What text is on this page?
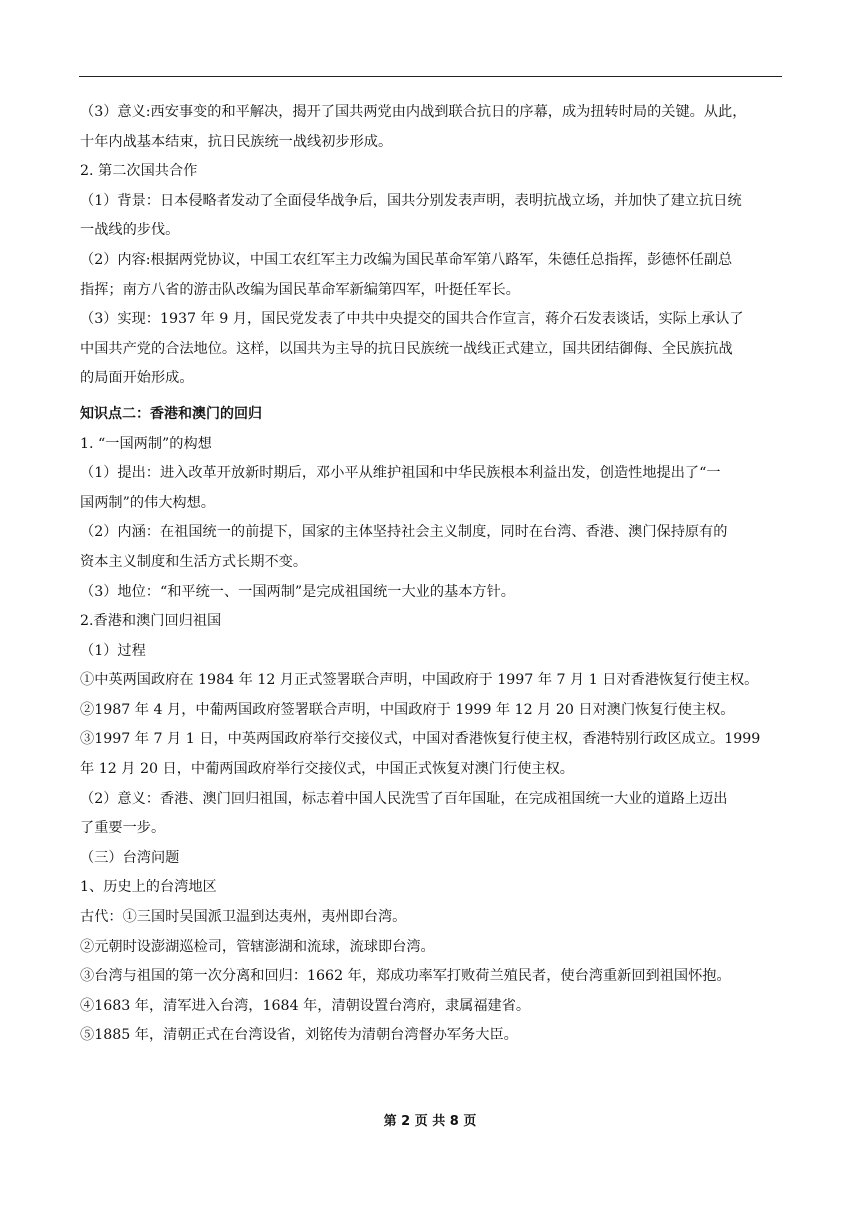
（3）意义:西安事变的和平解决，揭开了国共两党由内战到联合抗日的序幕，成为扭转时局的关键。从此，
十年内战基本结束，抗日民族统一战线初步形成。
2. 第二次国共合作
（1）背景：日本侵略者发动了全面侵华战争后，国共分别发表声明，表明抗战立场，并加快了建立抗日统
一战线的步伐。
（2）内容:根据两党协议，中国工农红军主力改编为国民革命军第八路军，朱德任总指挥，彭德怀任副总
指挥；南方八省的游击队改编为国民革命军新编第四军，叶挺任军长。
（3）实现：1937 年 9 月，国民党发表了中共中央提交的国共合作宣言，蒋介石发表谈话，实际上承认了
中国共产党的合法地位。这样，以国共为主导的抗日民族统一战线正式建立，国共团结御侮、全民族抗战
的局面开始形成。
知识点二：香港和澳门的回归
1. “一国两制”的构想
（1）提出：进入改革开放新时期后，邓小平从维护祖国和中华民族根本利益出发，创造性地提出了“一
国两制”的伟大构想。
（2）内涵：在祖国统一的前提下，国家的主体坚持社会主义制度，同时在台湾、香港、澳门保持原有的
资本主义制度和生活方式长期不变。
（3）地位：“和平统一、一国两制”是完成祖国统一大业的基本方针。
2.香港和澳门回归祖国
（1）过程
①中英两国政府在 1984 年 12 月正式签署联合声明，中国政府于 1997 年 7 月 1 日对香港恢复行使主权。
②1987 年 4 月，中葡两国政府签署联合声明，中国政府于 1999 年 12 月 20 日对澳门恢复行使主权。
③1997 年 7 月 1 日，中英两国政府举行交接仪式，中国对香港恢复行使主权，香港特别行政区成立。1999
年 12 月 20 日，中葡两国政府举行交接仪式，中国正式恢复对澳门行使主权。
（2）意义：香港、澳门回归祖国，标志着中国人民洗雪了百年国耻，在完成祖国统一大业的道路上迈出
了重要一步。
（三）台湾问题
1、历史上的台湾地区
古代：①三国时吴国派卫温到达夷州，夷州即台湾。
②元朝时设澎湖巡检司，管辖澎湖和流球，流球即台湾。
③台湾与祖国的第一次分离和回归：1662 年，郑成功率军打败荷兰殖民者，使台湾重新回到祖国怀抱。
④1683 年，清军进入台湾，1684 年，清朝设置台湾府，隶属福建省。
⑤1885 年，清朝正式在台湾设省，刘铭传为清朝台湾督办军务大臣。
第 2 页 共 8 页
